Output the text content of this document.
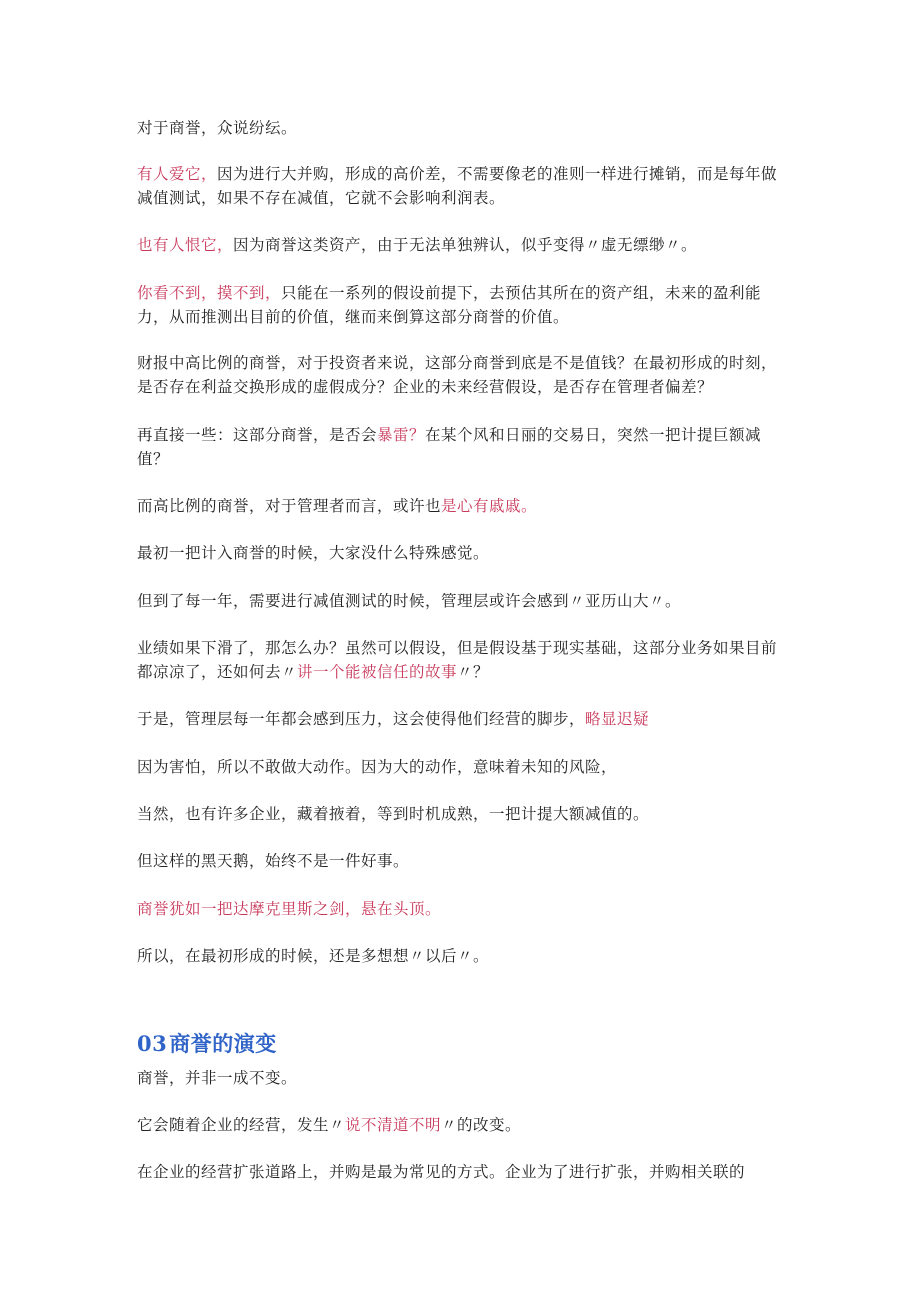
对于商誉，众说纷纭。

有人爱它，因为进行大并购，形成的高价差，不需要像老的准则一样进行摊销，而是每年做减值测试，如果不存在减值，它就不会影响利润表。

也有人恨它，因为商誉这类资产，由于无法单独辨认，似乎变得〃虚无缥缈〃。

你看不到，摸不到，只能在一系列的假设前提下，去预估其所在的资产组，未来的盈利能力，从而推测出目前的价值，继而来倒算这部分商誉的价值。

财报中高比例的商誉，对于投资者来说，这部分商誉到底是不是值钱？在最初形成的时刻，是否存在利益交换形成的虚假成分？企业的未来经营假设，是否存在管理者偏差？

再直接一些：这部分商誉，是否会暴雷？在某个风和日丽的交易日，突然一把计提巨额减值？

而高比例的商誉，对于管理者而言，或许也是心有戚戚。

最初一把计入商誉的时候，大家没什么特殊感觉。

但到了每一年，需要进行减值测试的时候，管理层或许会感到〃亚历山大〃。

业绩如果下滑了，那怎么办？虽然可以假设，但是假设基于现实基础，这部分业务如果目前都凉凉了，还如何去〃讲一个能被信任的故事〃？

于是，管理层每一年都会感到压力，这会使得他们经营的脚步，略显迟疑

因为害怕，所以不敢做大动作。因为大的动作，意味着未知的风险，

当然，也有许多企业，藏着掖着，等到时机成熟，一把计提大额减值的。

但这样的黑天鹅，始终不是一件好事。

商誉犹如一把达摩克里斯之剑，悬在头顶。

所以，在最初形成的时候，还是多想想〃以后〃。

03商誉的演变

商誉，并非一成不变。

它会随着企业的经营，发生〃说不清道不明〃的改变。

在企业的经营扩张道路上，并购是最为常见的方式。企业为了进行扩张，并购相关联的
